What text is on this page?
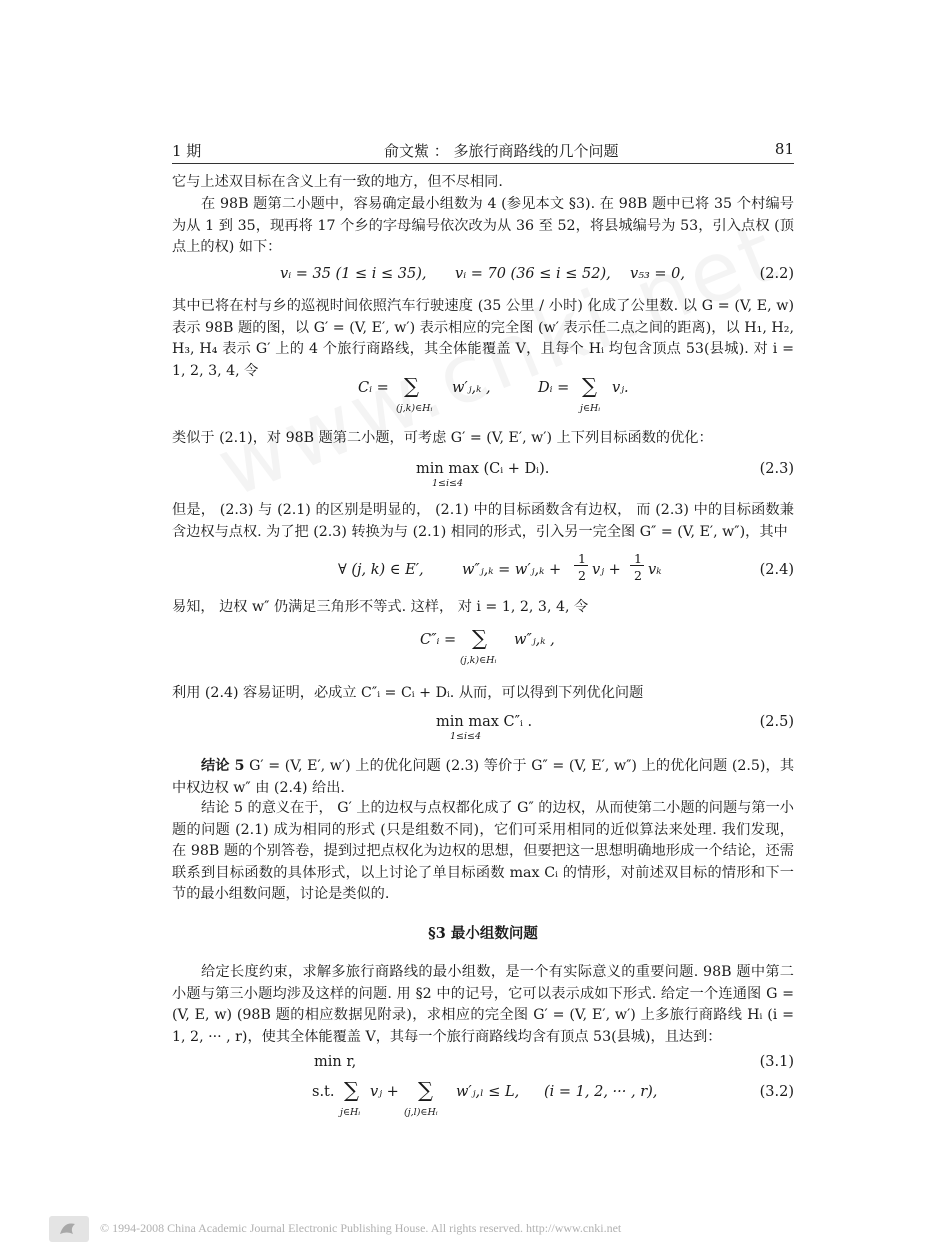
1 期	俞文鮆 ： 多旅行商路线的几个问题	81

它与上述双目标在含义上有一致的地方，但不尽相同.

在 98B 题第二小题中，容易确定最小组数为 4 (参见本文 §3). 在 98B 题中已将 35 个村编号为从 1 到 35，现再将 17 个乡的字母编号依次改为从 36 至 52，将县城编号为 53，引入点权 (顶点上的权) 如下：

vᵢ = 35 (1 ≤ i ≤ 35), vᵢ = 70 (36 ≤ i ≤ 52), v₅₃ = 0,	(2.2)

其中已将在村与乡的巡视时间依照汽车行驶速度 (35 公里 / 小时) 化成了公里数. 以 G = (V, E, w) 表示 98B 题的图，以 G′ = (V, E′, w′) 表示相应的完全图 (w′ 表示任二点之间的距离)，以 H₁, H₂, H₃, H₄ 表示 G′ 上的 4 个旅行商路线，其全体能覆盖 V，且每个 Hᵢ 均包含顶点 53(县城). 对 i = 1, 2, 3, 4, 令

Cᵢ = ∑
(j,k)∈Hᵢ
w′ⱼ,ₖ ,	Dᵢ = ∑
j∈Hᵢ
vⱼ.

类似于 (2.1)，对 98B 题第二小题，可考虑 G′ = (V, E′, w′) 上下列目标函数的优化：

min max (Cᵢ + Dᵢ).
1≤i≤4
(2.3)

但是， (2.3) 与 (2.1) 的区别是明显的， (2.1) 中的目标函数含有边权， 而 (2.3) 中的目标函数兼含边权与点权. 为了把 (2.3) 转换为与 (2.1) 相同的形式，引入另一完全图 G″ = (V, E′, w″)，其中

∀ (j, k) ∈ E′,	w″ⱼ,ₖ = w′ⱼ,ₖ +
1
2 vⱼ +
1
2 vₖ	(2.4)

易知， 边权 w″ 仍满足三角形不等式. 这样， 对 i = 1, 2, 3, 4, 令

C″ᵢ = ∑
(j,k)∈Hᵢ
w″ⱼ,ₖ ,

利用 (2.4) 容易证明，必成立 C″ᵢ = Cᵢ + Dᵢ. 从而，可以得到下列优化问题

min max C″ᵢ .
1≤i≤4
(2.5)

结论 5 G′ = (V, E′, w′) 上的优化问题 (2.3) 等价于 G″ = (V, E′, w″) 上的优化问题 (2.5)，其中权边权 w″ 由 (2.4) 给出.

结论 5 的意义在于， G′ 上的边权与点权都化成了 G″ 的边权，从而使第二小题的问题与第一小题的问题 (2.1) 成为相同的形式 (只是组数不同)，它们可采用相同的近似算法来处理. 我们发现， 在 98B 题的个别答卷，提到过把点权化为边权的思想，但要把这一思想明确地形成一个结论，还需联系到目标函数的具体形式，以上讨论了单目标函数 max Cᵢ 的情形，对前述双目标的情形和下一节的最小组数问题，讨论是类似的.

§3 最小组数问题

给定长度约束，求解多旅行商路线的最小组数，是一个有实际意义的重要问题. 98B 题中第二小题与第三小题均涉及这样的问题. 用 §2 中的记号，它可以表示成如下形式. 给定一个连通图 G = (V, E, w) (98B 题的相应数据见附录)，求相应的完全图 G′ = (V, E′, w′) 上多旅行商路线 Hᵢ (i = 1, 2, ··· , r)，使其全体能覆盖 V，其每一个旅行商路线均含有顶点 53(县城)，且达到：

min r,	(3.1)
s.t. ∑
j∈Hᵢ
vⱼ + ∑
(j,l)∈Hᵢ
w′ⱼ,ₗ ≤ L, (i = 1, 2, ··· , r),	(3.2)
© 1994-2008 China Academic Journal Electronic Publishing House. All rights reserved. http://www.cnki.net
